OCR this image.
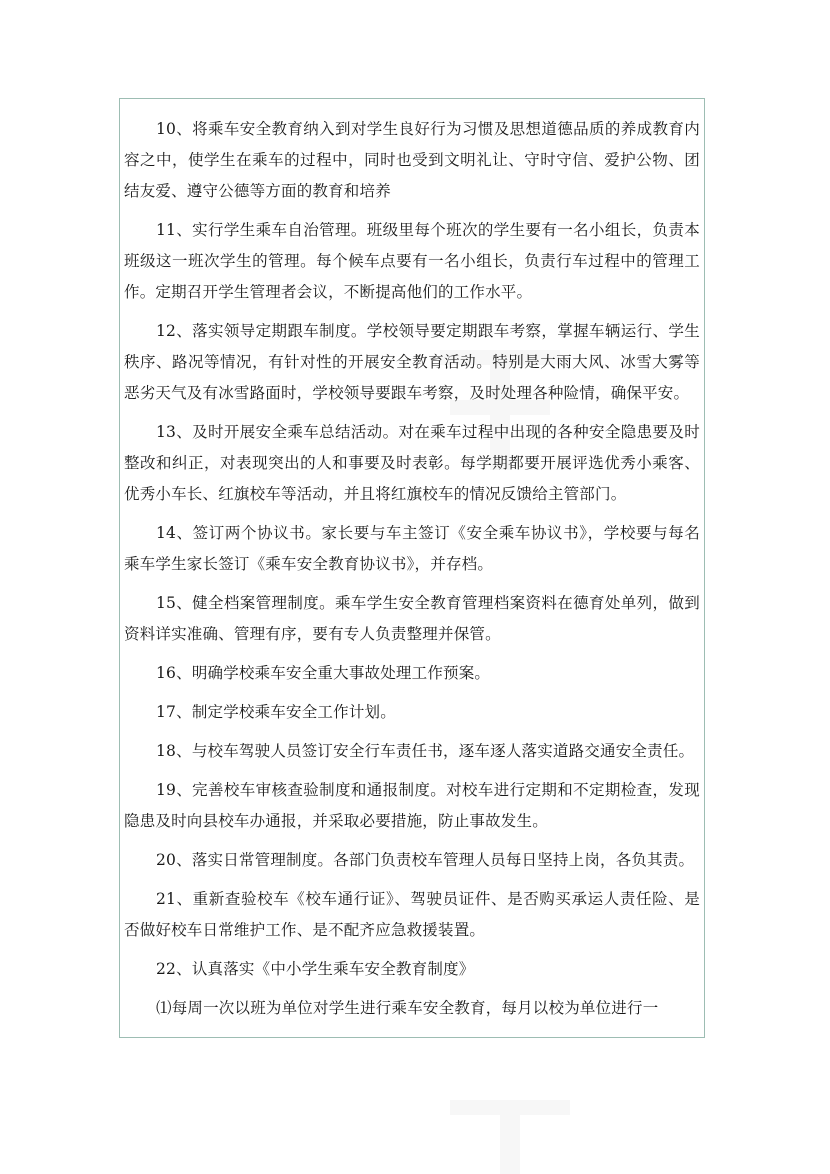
10、将乘车安全教育纳入到对学生良好行为习惯及思想道德品质的养成教育内容之中，使学生在乘车的过程中，同时也受到文明礼让、守时守信、爱护公物、团结友爱、遵守公德等方面的教育和培养

11、实行学生乘车自治管理。班级里每个班次的学生要有一名小组长，负责本班级这一班次学生的管理。每个候车点要有一名小组长，负责行车过程中的管理工作。定期召开学生管理者会议，不断提高他们的工作水平。

12、落实领导定期跟车制度。学校领导要定期跟车考察，掌握车辆运行、学生秩序、路况等情况，有针对性的开展安全教育活动。特别是大雨大风、冰雪大雾等恶劣天气及有冰雪路面时，学校领导要跟车考察，及时处理各种险情，确保平安。

13、及时开展安全乘车总结活动。对在乘车过程中出现的各种安全隐患要及时整改和纠正，对表现突出的人和事要及时表彰。每学期都要开展评选优秀小乘客、优秀小车长、红旗校车等活动，并且将红旗校车的情况反馈给主管部门。

14、签订两个协议书。家长要与车主签订《安全乘车协议书》，学校要与每名乘车学生家长签订《乘车安全教育协议书》，并存档。

15、健全档案管理制度。乘车学生安全教育管理档案资料在德育处单列，做到资料详实准确、管理有序，要有专人负责整理并保管。

16、明确学校乘车安全重大事故处理工作预案。

17、制定学校乘车安全工作计划。

18、与校车驾驶人员签订安全行车责任书，逐车逐人落实道路交通安全责任。

19、完善校车审核查验制度和通报制度。对校车进行定期和不定期检查，发现隐患及时向县校车办通报，并采取必要措施，防止事故发生。

20、落实日常管理制度。各部门负责校车管理人员每日坚持上岗，各负其责。

21、重新查验校车《校车通行证》、驾驶员证件、是否购买承运人责任险、是否做好校车日常维护工作、是不配齐应急救援装置。

22、认真落实《中小学生乘车安全教育制度》

⑴每周一次以班为单位对学生进行乘车安全教育，每月以校为单位进行一
